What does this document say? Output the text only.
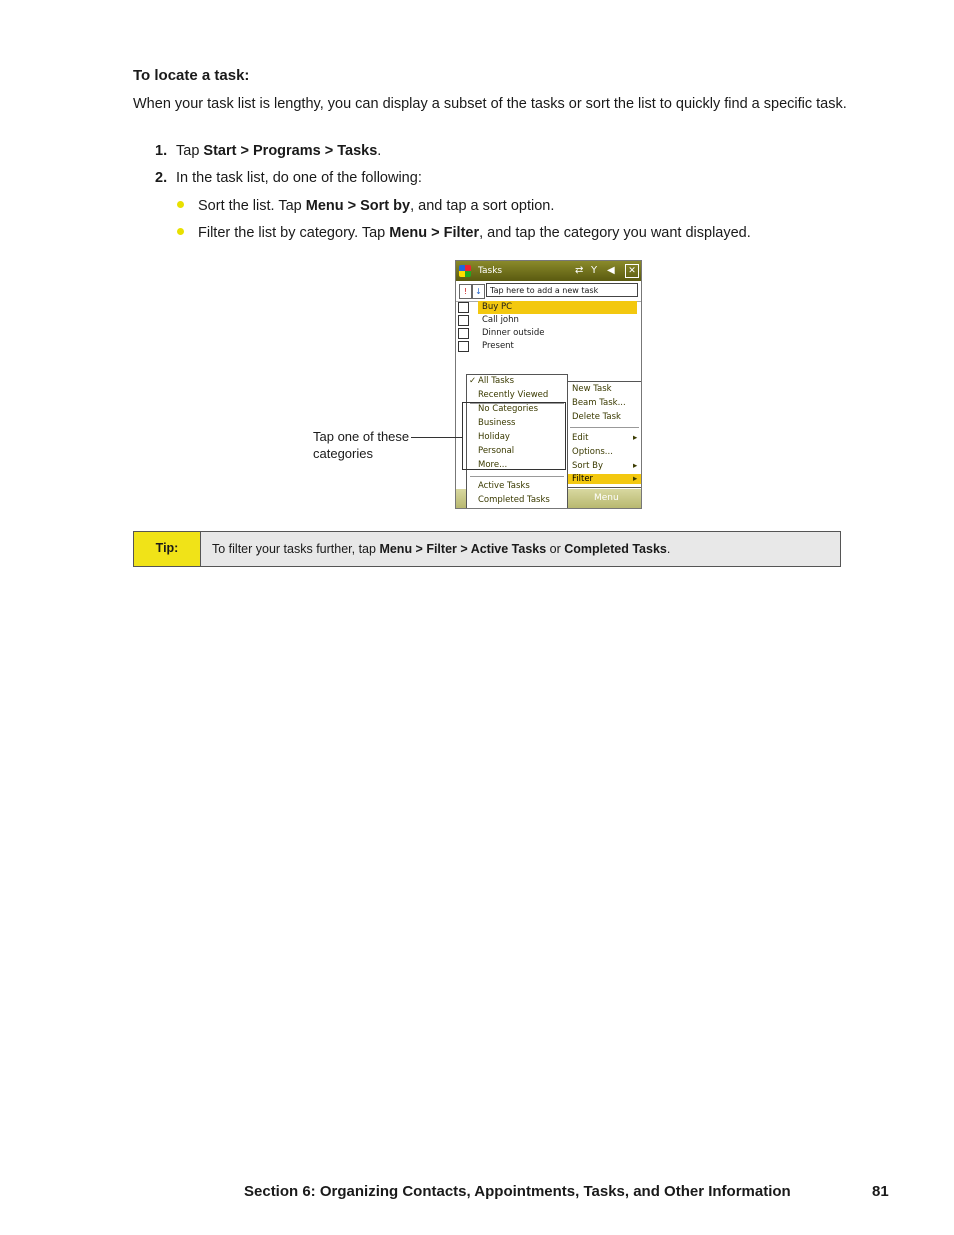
To locate a task:
When your task list is lengthy, you can display a subset of the tasks or sort the list to quickly find a specific task.
1. Tap Start > Programs > Tasks.
2. In the task list, do one of the following:
Sort the list. Tap Menu > Sort by, and tap a sort option.
Filter the list by category. Tap Menu > Filter, and tap the category you want displayed.
Tasks	⇄ Y ◀	✕
!	↓	Tap here to add a new task
Buy PC
Call john
Dinner outside
Present
Menu
New Task
Beam Task...
Delete Task
Edit	▸
Options...
Sort By	▸
Filter	▸
✓ All Tasks
Recently Viewed
No Categories
Business
Holiday
Personal
More...
Active Tasks
Completed Tasks
Tap one of these categories
Tip:	To filter your tasks further, tap Menu > Filter > Active Tasks or Completed Tasks.
Section 6: Organizing Contacts, Appointments, Tasks, and Other Information	81
